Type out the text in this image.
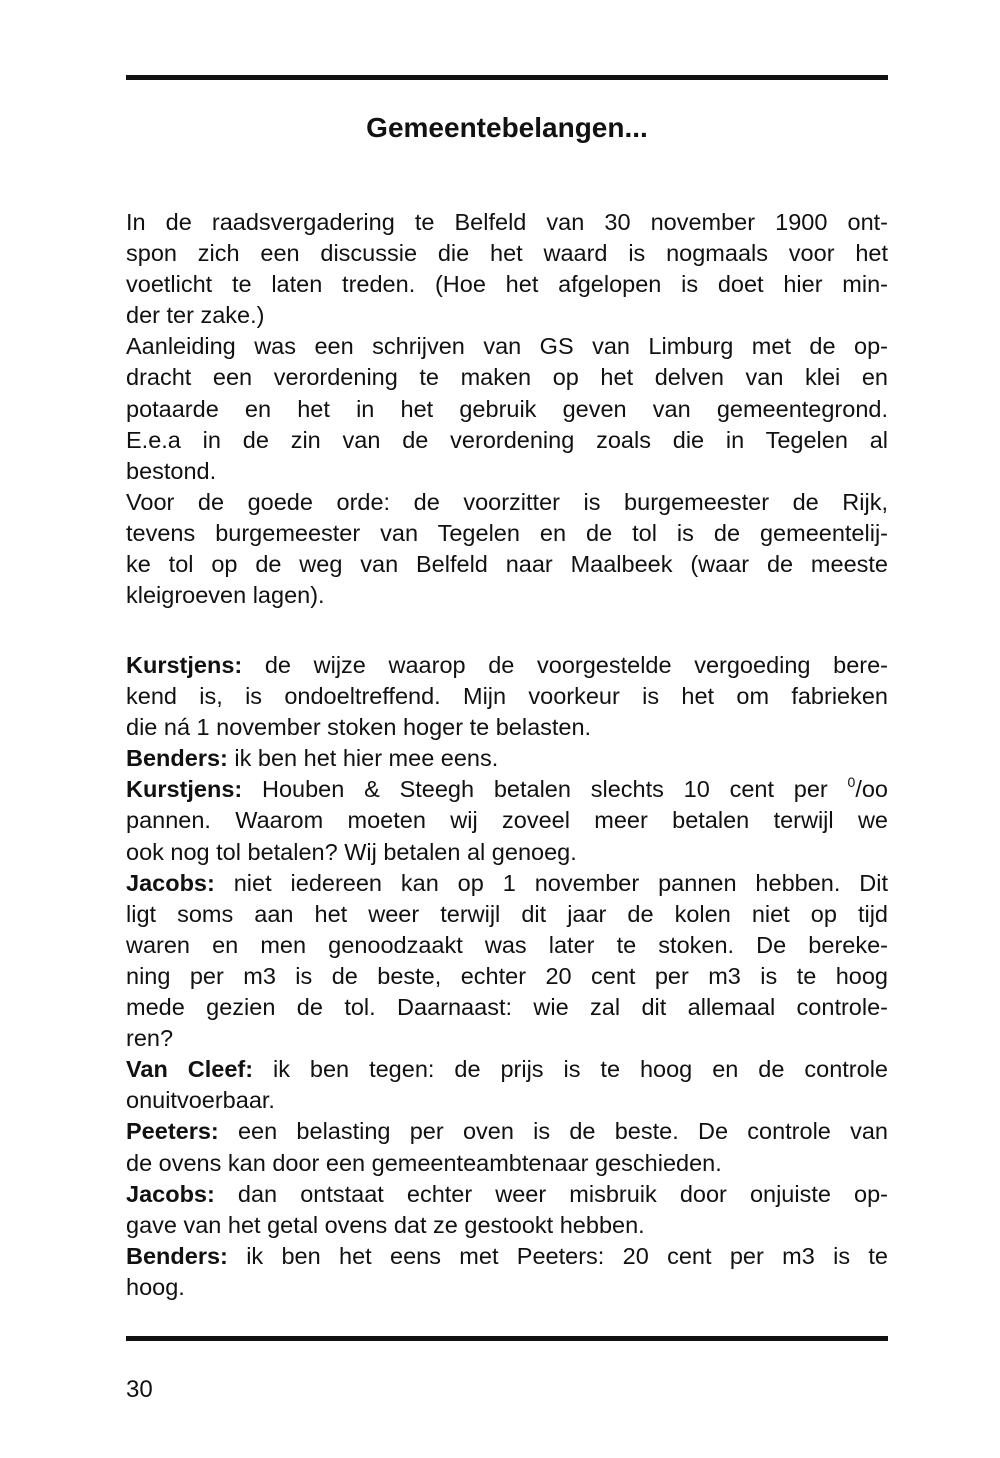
Gemeentebelangen...
In de raadsvergadering te Belfeld van 30 november 1900 ont-
spon zich een discussie die het waard is nogmaals voor het
voetlicht te laten treden. (Hoe het afgelopen is doet hier min-
der ter zake.)
Aanleiding was een schrijven van GS van Limburg met de op-
dracht een verordening te maken op het delven van klei en
potaarde en het in het gebruik geven van gemeentegrond.
E.e.a in de zin van de verordening zoals die in Tegelen al
bestond.
Voor de goede orde: de voorzitter is burgemeester de Rijk,
tevens burgemeester van Tegelen en de tol is de gemeentelij-
ke tol op de weg van Belfeld naar Maalbeek (waar de meeste
kleigroeven lagen).
Kurstjens: de wijze waarop de voorgestelde vergoeding bere-
kend is, is ondoeltreffend. Mijn voorkeur is het om fabrieken
die ná 1 november stoken hoger te belasten.
Benders: ik ben het hier mee eens.
Kurstjens: Houben & Steegh betalen slechts 10 cent per $^0$/oo
pannen. Waarom moeten wij zoveel meer betalen terwijl we
ook nog tol betalen? Wij betalen al genoeg.
Jacobs: niet iedereen kan op 1 november pannen hebben. Dit
ligt soms aan het weer terwijl dit jaar de kolen niet op tijd
waren en men genoodzaakt was later te stoken. De bereke-
ning per m3 is de beste, echter 20 cent per m3 is te hoog
mede gezien de tol. Daarnaast: wie zal dit allemaal controle-
ren?
Van Cleef: ik ben tegen: de prijs is te hoog en de controle
onuitvoerbaar.
Peeters: een belasting per oven is de beste. De controle van
de ovens kan door een gemeenteambtenaar geschieden.
Jacobs: dan ontstaat echter weer misbruik door onjuiste op-
gave van het getal ovens dat ze gestookt hebben.
Benders: ik ben het eens met Peeters: 20 cent per m3 is te
hoog.
30
